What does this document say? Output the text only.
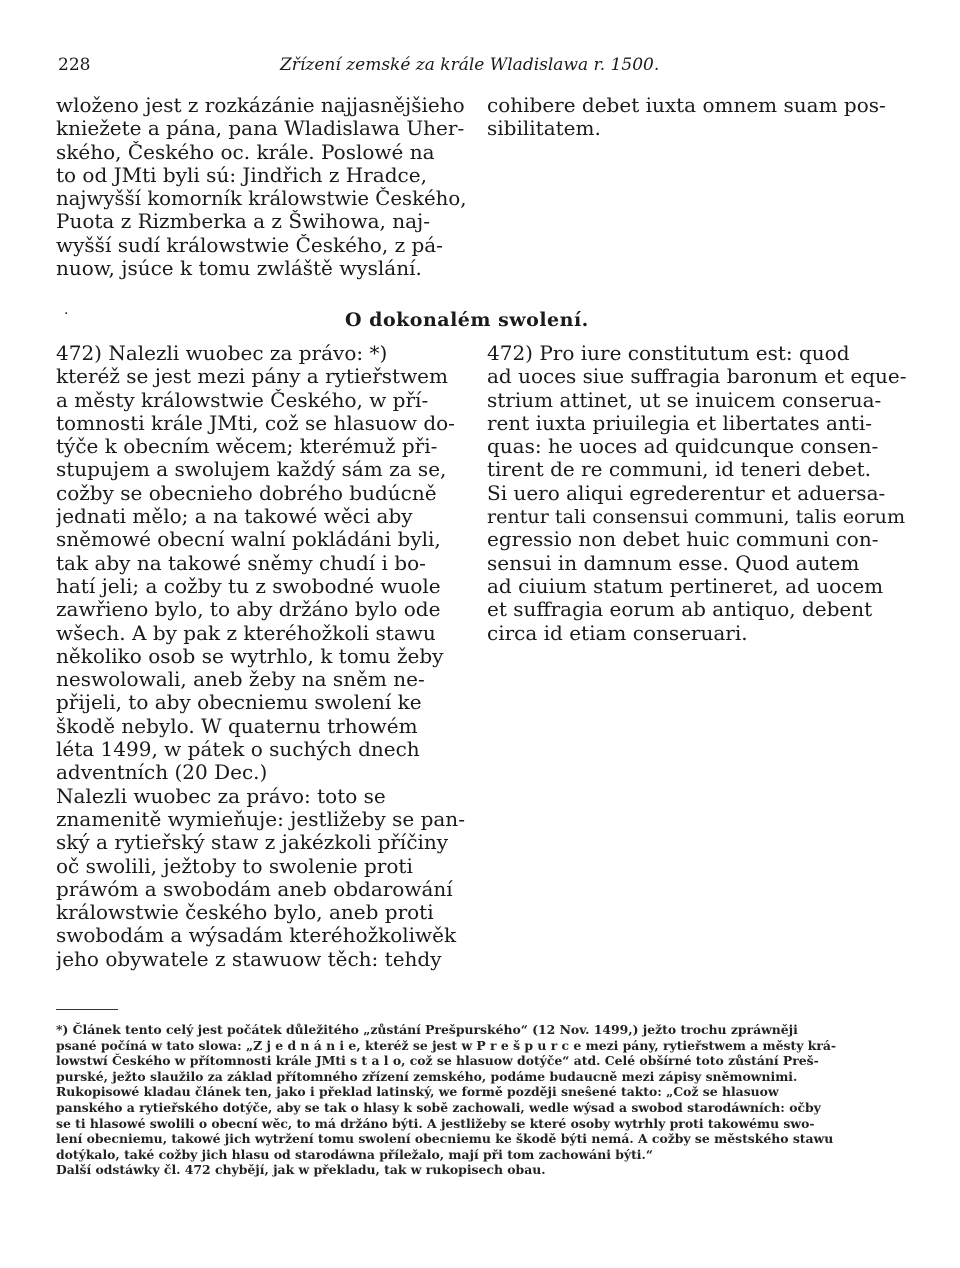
228	Zřízení zemské za krále Wladislawa r. 1500.
wloženo jest z rozkázánie najjasnějšieho
kniežete a pána, pana Wladislawa Uher-
ského, Českého oc. krále. Poslowé na
to od JMti byli sú: Jindřich z Hradce,
najwyšší komorník králowstwie Českého,
Puota z Rizmberka a z Šwihowa, naj-
wyšší sudí králowstwie Českého, z pá-
nuow, jsúce k tomu zwláště wyslání.
cohibere debet iuxta omnem suam pos-
sibilitatem.
·	O dokonalém swolení.
472) Nalezli wuobec za právo: *)
kteréž se jest mezi pány a rytieřstwem
a městy králowstwie Českého, w pří-
tomnosti krále JMti, což se hlasuow do-
týče k obecním wěcem; kterémuž při-
stupujem a swolujem každý sám za se,
cožby se obecnieho dobrého budúcně
jednati mělo; a na takowé wěci aby
sněmowé obecní walní pokládáni byli,
tak aby na takowé sněmy chudí i bo-
hatí jeli; a cožby tu z swobodné wuole
zawřieno bylo, to aby držáno bylo ode
wšech. A by pak z kteréhožkoli stawu
několiko osob se wytrhlo, k tomu žeby
neswolowali, aneb žeby na sněm ne-
přijeli, to aby obecniemu swolení ke
škodě nebylo. W quaternu trhowém
léta 1499, w pátek o suchých dnech
adventních (20 Dec.)
Nalezli wuobec za právo: toto se
znamenitě wymieňuje: jestližeby se pan-
ský a rytieřský staw z jakézkoli příčiny
oč swolili, ježtoby to swolenie proti
práwóm a swobodám aneb obdarowání
králowstwie českého bylo, aneb proti
swobodám a wýsadám kteréhožkoliwěk
jeho obywatele z stawuow těch: tehdy
472) Pro iure constitutum est: quod
ad uoces siue suffragia baronum et eque-
strium attinet, ut se inuicem conserua-
rent iuxta priuilegia et libertates anti-
quas: he uoces ad quidcunque consen-
tirent de re communi, id teneri debet.
Si uero aliqui egrederentur et aduersa-
rentur tali consensui communi, talis eorum
egressio non debet huic communi con-
sensui in damnum esse. Quod autem
ad ciuium statum pertineret, ad uocem
et suffragia eorum ab antiquo, debent
circa id etiam conseruari.
*) Článek tento celý jest počátek důležitého „zůstání Prešpurského“ (12 Nov. 1499,) ježto trochu zpráwněji
psané počíná w tato slowa: „Z j e d n á n i e, kteréž se jest w P r e š p u r c e mezi pány, rytieřstwem a městy krá-
lowstwí Českého w přítomnosti krále JMti s t a l o, což se hlasuow dotýče“ atd. Celé obšírné toto zůstání Preš-
purské, ježto slaužilo za základ přítomného zřízení zemského, podáme budaucně mezi zápisy sněmownimi.
Rukopisowé kladau článek ten, jako i překlad latinský, we formě později sneŝené takto: „Což se hlasuow
panského a rytieřského dotýče, aby se tak o hlasy k sobě zachowali, wedle wýsad a swobod starodáwních: očby
se ti hlasowé swolili o obecní wěc, to má držáno býti. A jestližeby se které osoby wytrhly proti takowému swo-
lení obecniemu, takowé jich wytržení tomu swolení obecniemu ke škodě býti nemá. A cožby se městského stawu
dotýkalo, také cožby jich hlasu od starodáwna příležalo, mají při tom zachowáni býti.“
Další odstáwky čl. 472 chybějí, jak w překladu, tak w rukopisech obau.
